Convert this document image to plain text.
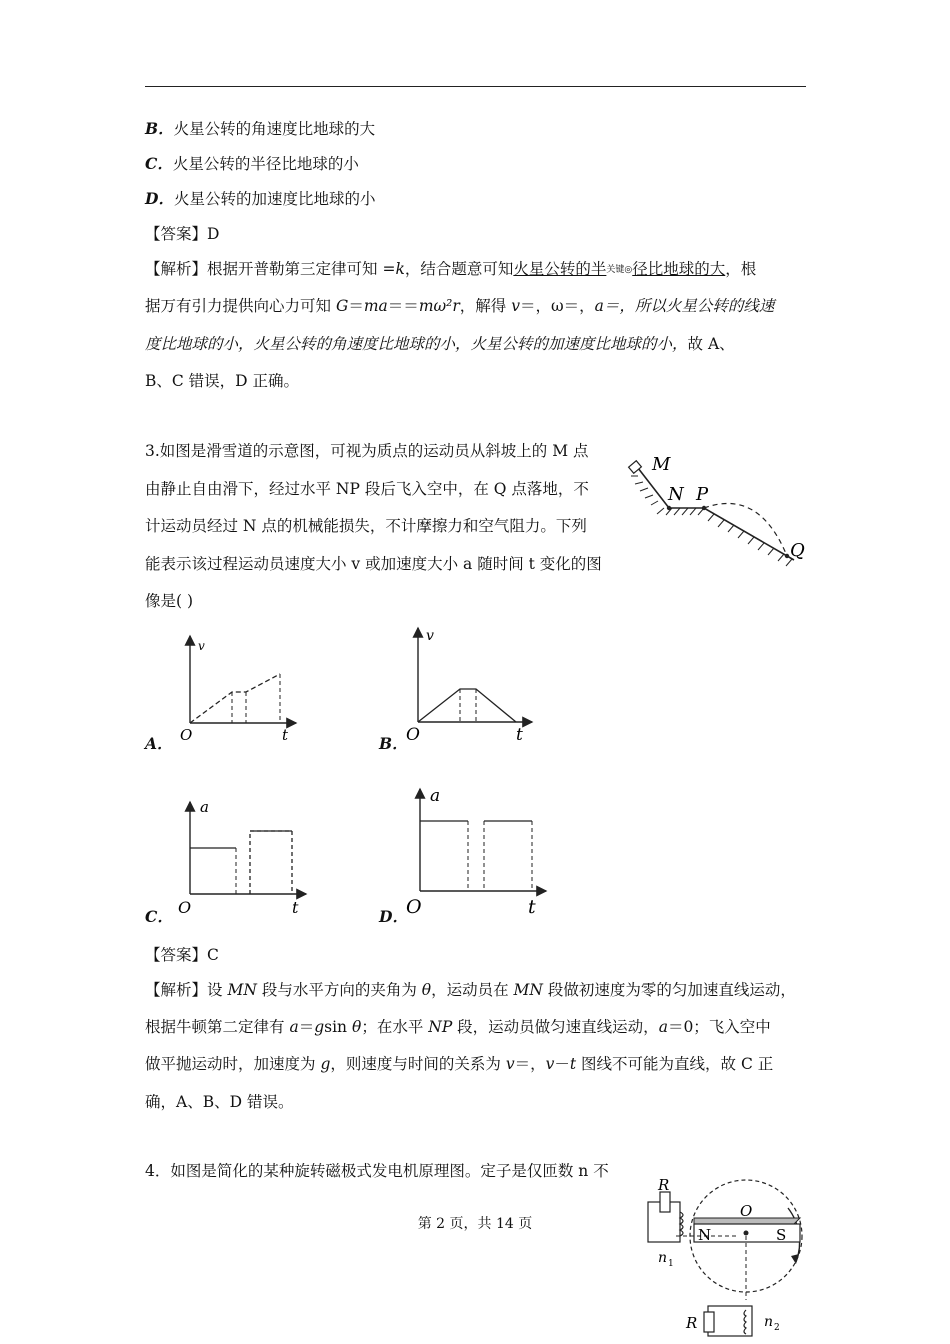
B．火星公转的角速度比地球的大
C．火星公转的半径比地球的小
D．火星公转的加速度比地球的小
【答案】D
【解析】根据开普勒第三定律可知 =k，结合题意可知火星公转的半关键◎径比地球的大，根
据万有引力提供向心力可知 G＝ma＝＝mω²r，解得 v＝，ω＝，a＝，所以火星公转的线速
度比地球的小，火星公转的角速度比地球的小，火星公转的加速度比地球的小，故 A、
B、C 错误，D 正确。
3.如图是滑雪道的示意图，可视为质点的运动员从斜坡上的 M 点
由静止自由滑下，经过水平 NP 段后飞入空中，在 Q 点落地，不
计运动员经过 N 点的机械能损失，不计摩擦力和空气阻力。下列
能表示该过程运动员速度大小 v 或加速度大小 a 随时间 t 变化的图
像是( )
M
N P
Q
A．
v
O	t	B．
v
O	t
C．
a
O	t	D．
a
O	t
【答案】C
【解析】设 MN 段与水平方向的夹角为 θ，运动员在 MN 段做初速度为零的匀加速直线运动，
根据牛顿第二定律有 a＝gsin θ；在水平 NP 段，运动员做匀速直线运动，a＝0；飞入空中
做平抛运动时，加速度为 g，则速度与时间的关系为 v＝，v－t 图线不可能为直线，故 C 正
确，A、B、D 错误。
4．如图是简化的某种旋转磁极式发电机原理图。定子是仅匝数 n 不
O
N	S
R
n 1
R	n 2
第 2 页，共 14 页
